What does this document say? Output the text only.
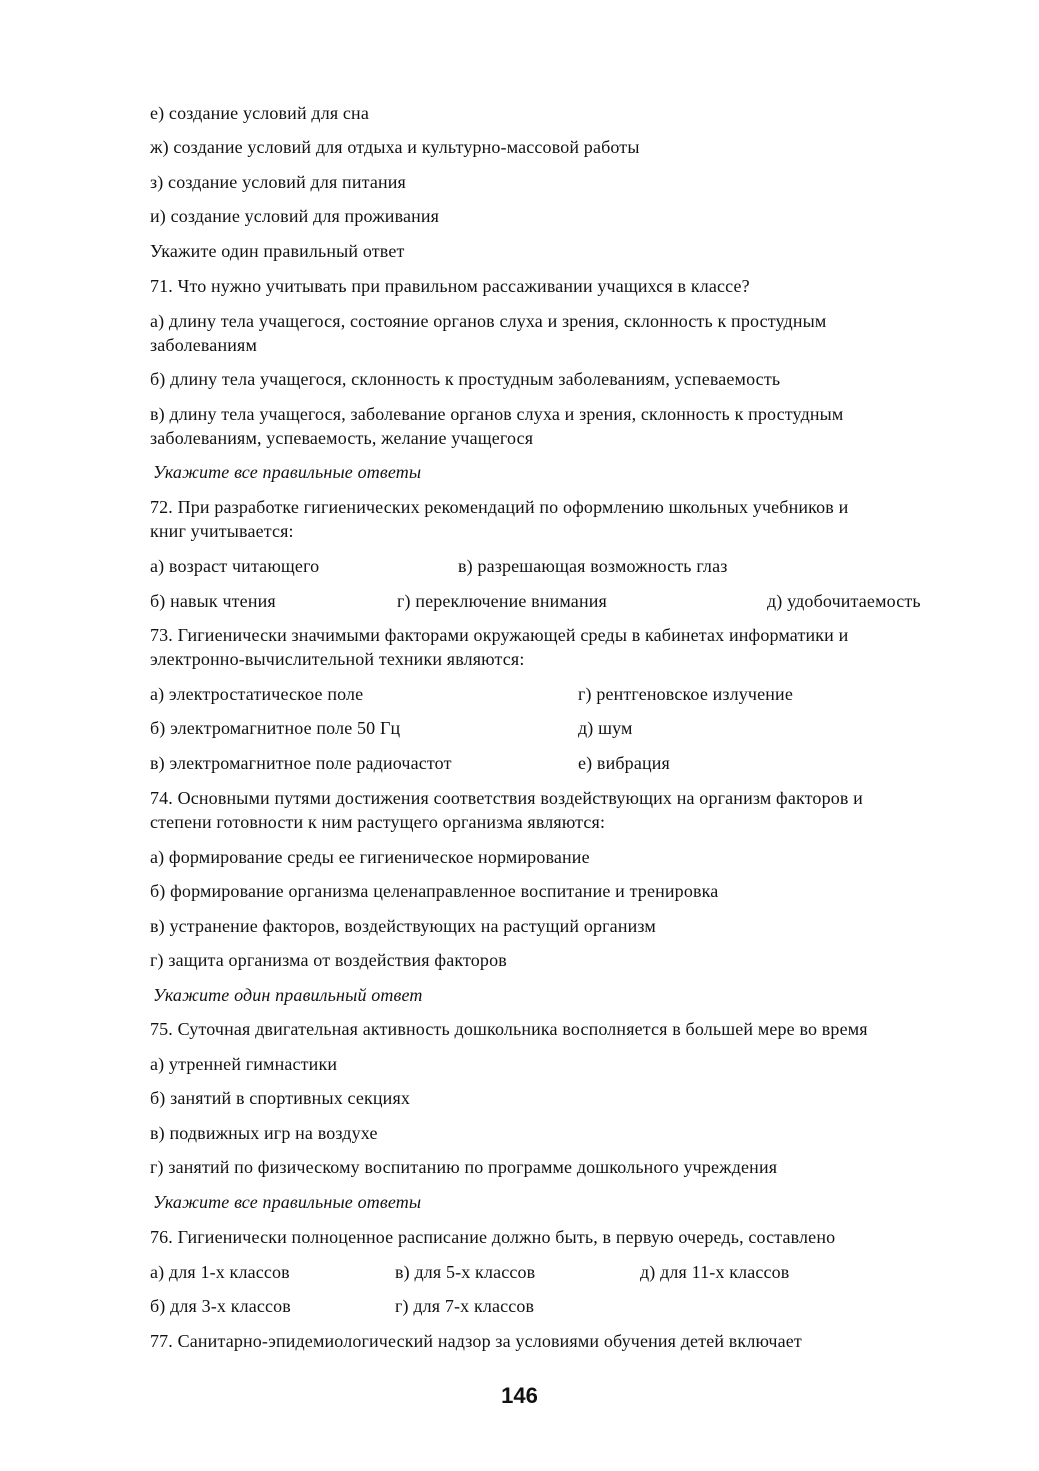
е) создание условий для сна
ж) создание условий для отдыха и культурно-массовой работы
з) создание условий для питания
и) создание условий для проживания
Укажите один правильный ответ
71. Что нужно учитывать при правильном рассаживании учащихся в классе?
а) длину тела учащегося, состояние органов слуха и зрения, склонность к простудным
заболеваниям
б) длину тела учащегося, склонность к простудным заболеваниям, успеваемость
в) длину тела учащегося, заболевание органов слуха и зрения, склонность к простудным
заболеваниям, успеваемость, желание учащегося
Укажите все правильные ответы
72. При разработке гигиенических рекомендаций по оформлению школьных учебников и
книг учитывается:
а) возраст читающего	в) разрешающая возможность глаз
б) навык чтения	г) переключение внимания	д) удобочитаемость
73. Гигиенически значимыми факторами окружающей среды в кабинетах информатики и
электронно-вычислительной техники являются:
а) электростатическое поле	г) рентгеновское излучение
б) электромагнитное поле 50 Гц	д) шум
в) электромагнитное поле радиочастот	е) вибрация
74. Основными путями достижения соответствия воздействующих на организм факторов и
степени готовности к ним растущего организма являются:
а) формирование среды ее гигиеническое нормирование
б) формирование организма целенаправленное воспитание и тренировка
в) устранение факторов, воздействующих на растущий организм
г) защита организма от воздействия факторов
Укажите один правильный ответ
75. Суточная двигательная активность дошкольника восполняется в большей мере во время
а) утренней гимнастики
б) занятий в спортивных секциях
в) подвижных игр на воздухе
г) занятий по физическому воспитанию по программе дошкольного учреждения
Укажите все правильные ответы
76. Гигиенически полноценное расписание должно быть, в первую очередь, составлено
а) для 1-х классов	в) для 5-х классов	д) для 11-х классов
б) для 3-х классов	г) для 7-х классов
77. Санитарно-эпидемиологический надзор за условиями обучения детей включает
146
